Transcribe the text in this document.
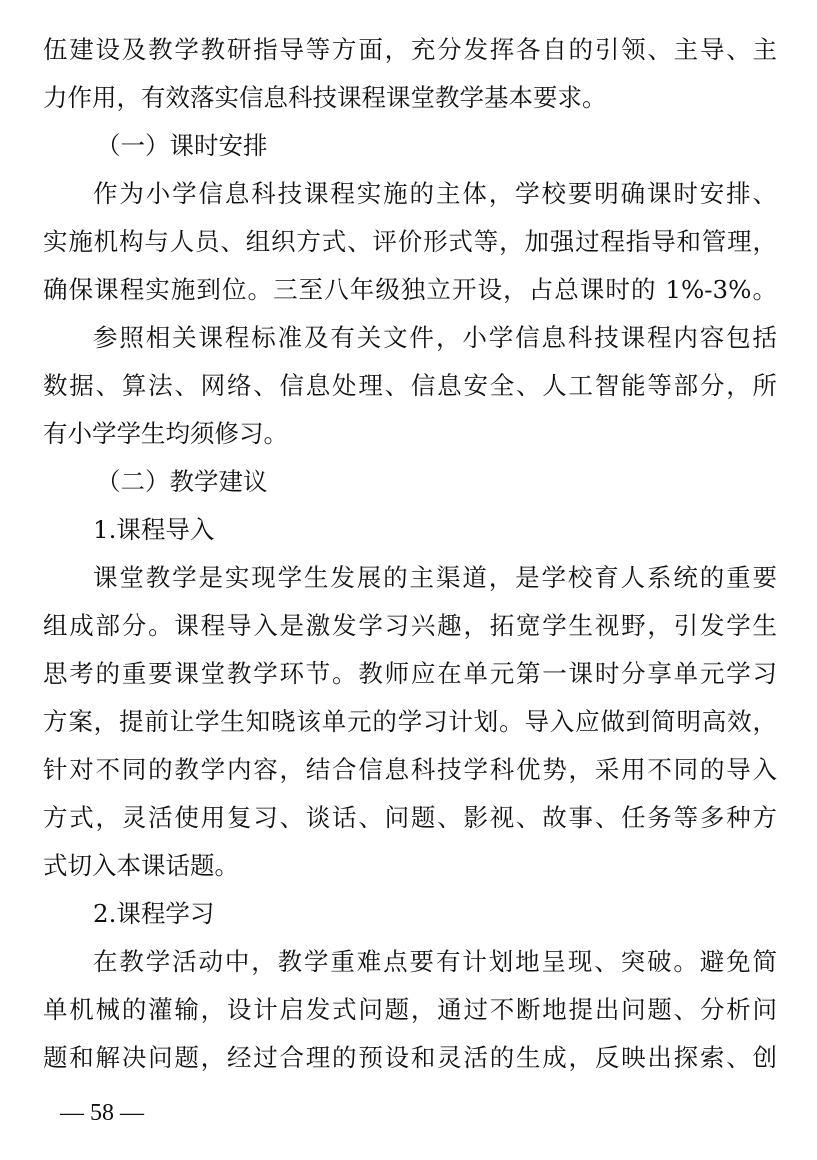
伍建设及教学教研指导等方面，充分发挥各自的引领、主导、主
力作用，有效落实信息科技课程课堂教学基本要求。
（一）课时安排
作为小学信息科技课程实施的主体，学校要明确课时安排、
实施机构与人员、组织方式、评价形式等，加强过程指导和管理，
确保课程实施到位。三至八年级独立开设，占总课时的 1%-3%。
参照相关课程标准及有关文件，小学信息科技课程内容包括
数据、算法、网络、信息处理、信息安全、人工智能等部分，所
有小学学生均须修习。
（二）教学建议
1.课程导入
课堂教学是实现学生发展的主渠道，是学校育人系统的重要
组成部分。课程导入是激发学习兴趣，拓宽学生视野，引发学生
思考的重要课堂教学环节。教师应在单元第一课时分享单元学习
方案，提前让学生知晓该单元的学习计划。导入应做到简明高效，
针对不同的教学内容，结合信息科技学科优势，采用不同的导入
方式，灵活使用复习、谈话、问题、影视、故事、任务等多种方
式切入本课话题。
2.课程学习
在教学活动中，教学重难点要有计划地呈现、突破。避免简
单机械的灌输，设计启发式问题，通过不断地提出问题、分析问
题和解决问题，经过合理的预设和灵活的生成，反映出探索、创
— 58 —
